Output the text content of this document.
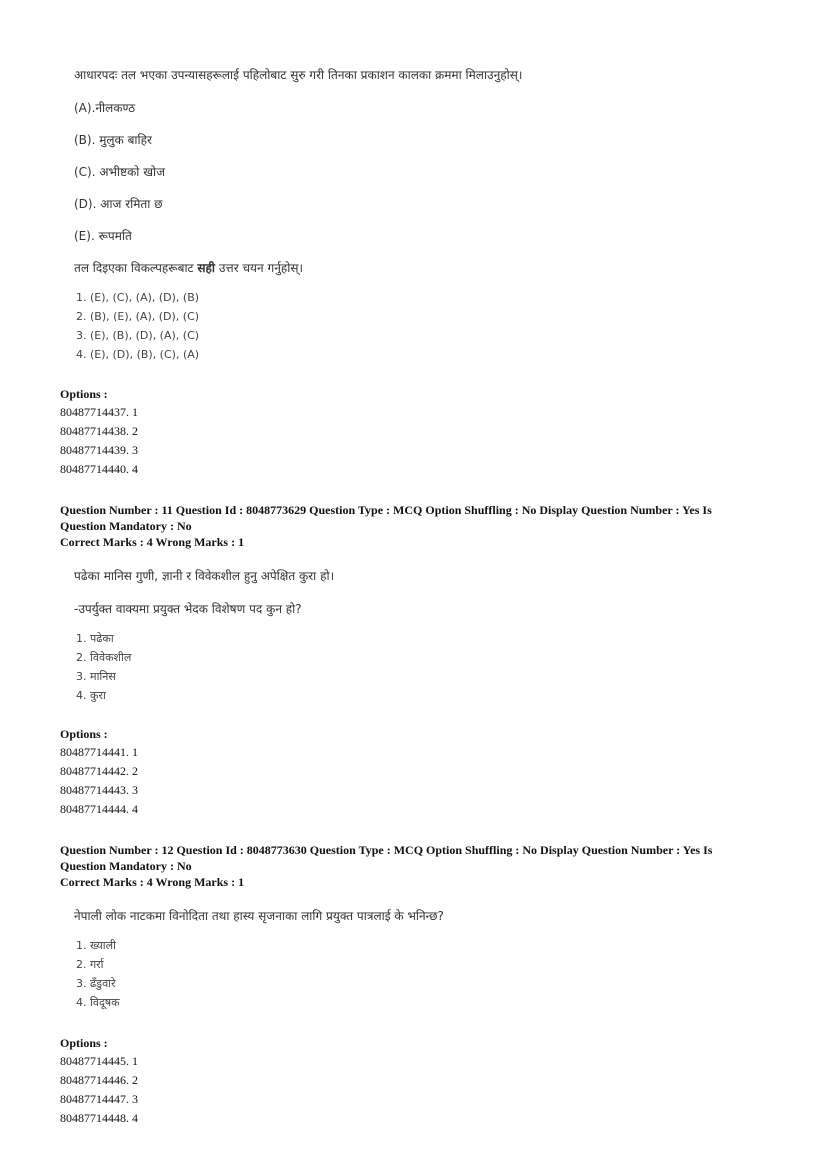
आधारपदः तल भएका उपन्यासहरूलाई पहिलोबाट सुरु गरी तिनका प्रकाशन कालका क्रममा मिलाउनुहोस्।
(A).नीलकण्ठ
(B). मुलुक बाहिर
(C). अभीष्टको खोज
(D). आज रमिता छ
(E). रूपमति
तल दिइएका विकल्पहरूबाट सही उत्तर चयन गर्नुहोस्।
1. (E), (C), (A), (D), (B)
2. (B), (E), (A), (D), (C)
3. (E), (B), (D), (A), (C)
4. (E), (D), (B), (C), (A)
Options :
80487714437. 1
80487714438. 2
80487714439. 3
80487714440. 4
Question Number : 11 Question Id : 8048773629 Question Type : MCQ Option Shuffling : No Display Question Number : Yes Is
Question Mandatory : No
Correct Marks : 4 Wrong Marks : 1
पढेका मानिस गुणी, ज्ञानी र विवेकशील हुनु अपेक्षित कुरा हो।
-उपर्युक्त वाक्यमा प्रयुक्त भेदक विशेषण पद कुन हो?
1. पढेका
2. विवेकशील
3. मानिस
4. कुरा
Options :
80487714441. 1
80487714442. 2
80487714443. 3
80487714444. 4
Question Number : 12 Question Id : 8048773630 Question Type : MCQ Option Shuffling : No Display Question Number : Yes Is
Question Mandatory : No
Correct Marks : 4 Wrong Marks : 1
नेपाली लोक नाटकमा विनोदिता तथा हास्य सृजनाका लागि प्रयुक्त पात्रलाई के भनिन्छ?
1. ख्याली
2. गर्रा
3. ढँडुवारे
4. विदूषक
Options :
80487714445. 1
80487714446. 2
80487714447. 3
80487714448. 4
